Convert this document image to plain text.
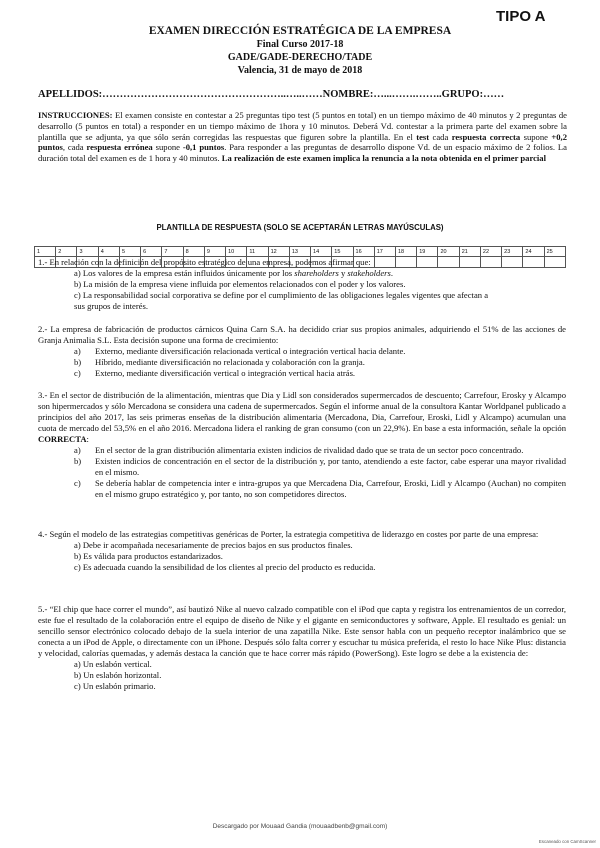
TIPO A
EXAMEN DIRECCIÓN ESTRATÉGICA DE LA EMPRESA
Final Curso 2017-18
GADE/GADE-DERECHO/TADE
Valencia, 31 de mayo de 2018
APELLIDOS:……………………………………………..…..……NOMBRE:…...…….……..GRUPO:……
INSTRUCCIONES: El examen consiste en contestar a 25 preguntas tipo test (5 puntos en total) en un tiempo máximo de 40 minutos y 2 preguntas de desarrollo (5 puntos en total) a responder en un tiempo máximo de 1hora y 10 minutos. Deberá Vd. contestar a la primera parte del examen sobre la plantilla que se adjunta, ya que sólo serán corregidas las respuestas que figuren sobre la plantilla. En el test cada respuesta correcta supone +0,2 puntos, cada respuesta errónea supone -0,1 puntos. Para responder a las preguntas de desarrollo dispone Vd. de un espacio máximo de 2 folios. La duración total del examen es de 1 hora y 40 minutos. La realización de este examen implica la renuncia a la nota obtenida en el primer parcial
PLANTILLA DE RESPUESTA (SOLO SE ACEPTARÁN LETRAS MAYÚSCULAS)
1	2	3	4	5	6	7	8	9	10	11	12	13	14	15	16	17	18	19	20	21	22	23	24	25

1.- En relación con la definición del propósito estratégico de una empresa, podemos afirmar que:
a) Los valores de la empresa están influidos únicamente por los shareholders y stakeholders.
b) La misión de la empresa viene influida por elementos relacionados con el poder y los valores.
c) La responsabilidad social corporativa se define por el cumplimiento de las obligaciones legales vigentes que afectan a
sus grupos de interés.
2.- La empresa de fabricación de productos cárnicos Quina Carn S.A. ha decidido criar sus propios animales, adquiriendo el 51% de las acciones de Granja Animalia S.L. Esta decisión supone una forma de crecimiento:
a)	Externo, mediante diversificación relacionada vertical o integración vertical hacia delante.
b)	Híbrido, mediante diversificación no relacionada y colaboración con la granja.
c)	Externo, mediante diversificación vertical o integración vertical hacia atrás.
3.- En el sector de distribución de la alimentación, mientras que Dia y Lidl son considerados supermercados de descuento; Carrefour, Erosky y Alcampo son hipermercados y sólo Mercadona se considera una cadena de supermercados. Según el informe anual de la consultora Kantar Worldpanel publicado a principios del año 2017, las seis primeras enseñas de la distribución alimentaria (Mercadona, Dia, Carrefour, Eroski, Lidl y Alcampo) acumulan una cuota de mercado del 53,5% en el año 2016. Mercadona lidera el ranking de gran consumo (con un 22,9%). En base a esta información, señale la opción CORRECTA:
a)	En el sector de la gran distribución alimentaria existen indicios de rivalidad dado que se trata de un sector poco concentrado.
b)	Existen indicios de concentración en el sector de la distribución y, por tanto, atendiendo a este factor, cabe esperar una mayor rivalidad en el mismo.
c)	Se debería hablar de competencia inter e intra-grupos ya que Mercadena Dia, Carrefour, Eroski, Lidl y Alcampo (Auchan) no compiten en el mismo grupo estratégico y, por tanto, no son competidores directos.
4.- Según el modelo de las estrategias competitivas genéricas de Porter, la estrategia competitiva de liderazgo en costes por parte de una empresa:
a) Debe ir acompañada necesariamente de precios bajos en sus productos finales.
b) Es válida para productos estandarizados.
c) Es adecuada cuando la sensibilidad de los clientes al precio del producto es reducida.
5.- “El chip que hace correr el mundo”, así bautizó Nike al nuevo calzado compatible con el iPod que capta y registra los entrenamientos de un corredor, este fue el resultado de la colaboración entre el equipo de diseño de Nike y el gigante en semiconductores y software, Apple. El resultado es genial: un sencillo sensor electrónico colocado debajo de la suela interior de una zapatilla Nike. Este sensor habla con un pequeño receptor inalámbrico que se conecta a un iPod de Apple, o directamente con un iPhone. Después sólo falta correr y escuchar tu música preferida, el resto lo hace Nike Plus: distancia y velocidad, calorías quemadas, y además destaca la canción que te hace correr más rápido (PowerSong). Este logro se debe a la existencia de:
a) Un eslabón vertical.
b) Un eslabón horizontal.
c) Un eslabón primario.
Descargado por Mouaad Gandia (mouaadbenb@gmail.com)
Escaneado con CamScanner
